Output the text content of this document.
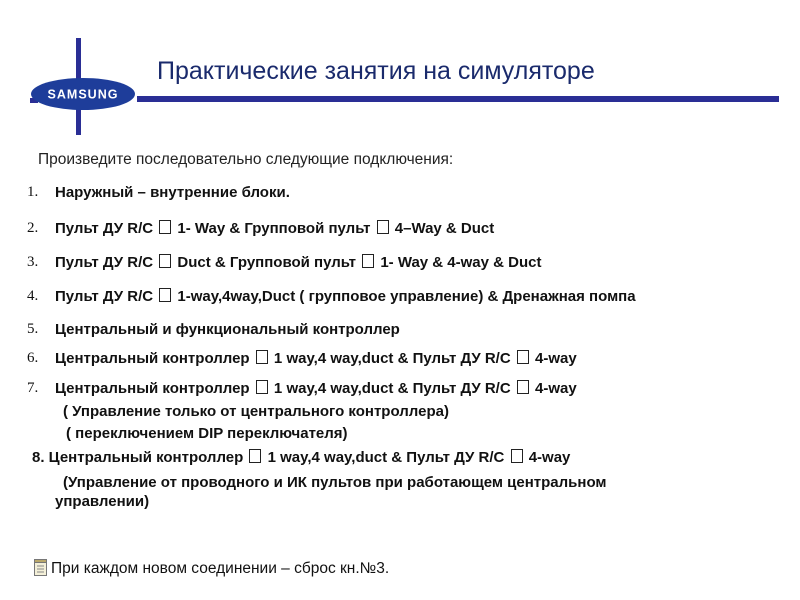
SAMSUNG
Практические занятия на симуляторе
Произведите последовательно следующие подключения:
1. Наружный – внутренние блоки.
2. Пульт ДУ R/C  1- Way & Групповой пульт  4–Way & Duct
3. Пульт ДУ R/C  Duct & Групповой пульт  1- Way & 4-way & Duct
4. Пульт ДУ R/C  1-way,4way,Duct ( групповое управление) & Дренажная помпа
5. Центральный и функциональный контроллер
6. Центральный контроллер  1 way,4 way,duct & Пульт ДУ R/C  4-way
7. Центральный контроллер  1 way,4 way,duct & Пульт ДУ R/C  4-way
( Управление только от центрального контроллера)
( переключением DIP переключателя)
8. Центральный контроллер  1 way,4 way,duct & Пульт ДУ R/C  4-way
(Управление от проводного и ИК пультов при работающем центральном
управлении)
При каждом новом соединении – сброс кн.№3.
